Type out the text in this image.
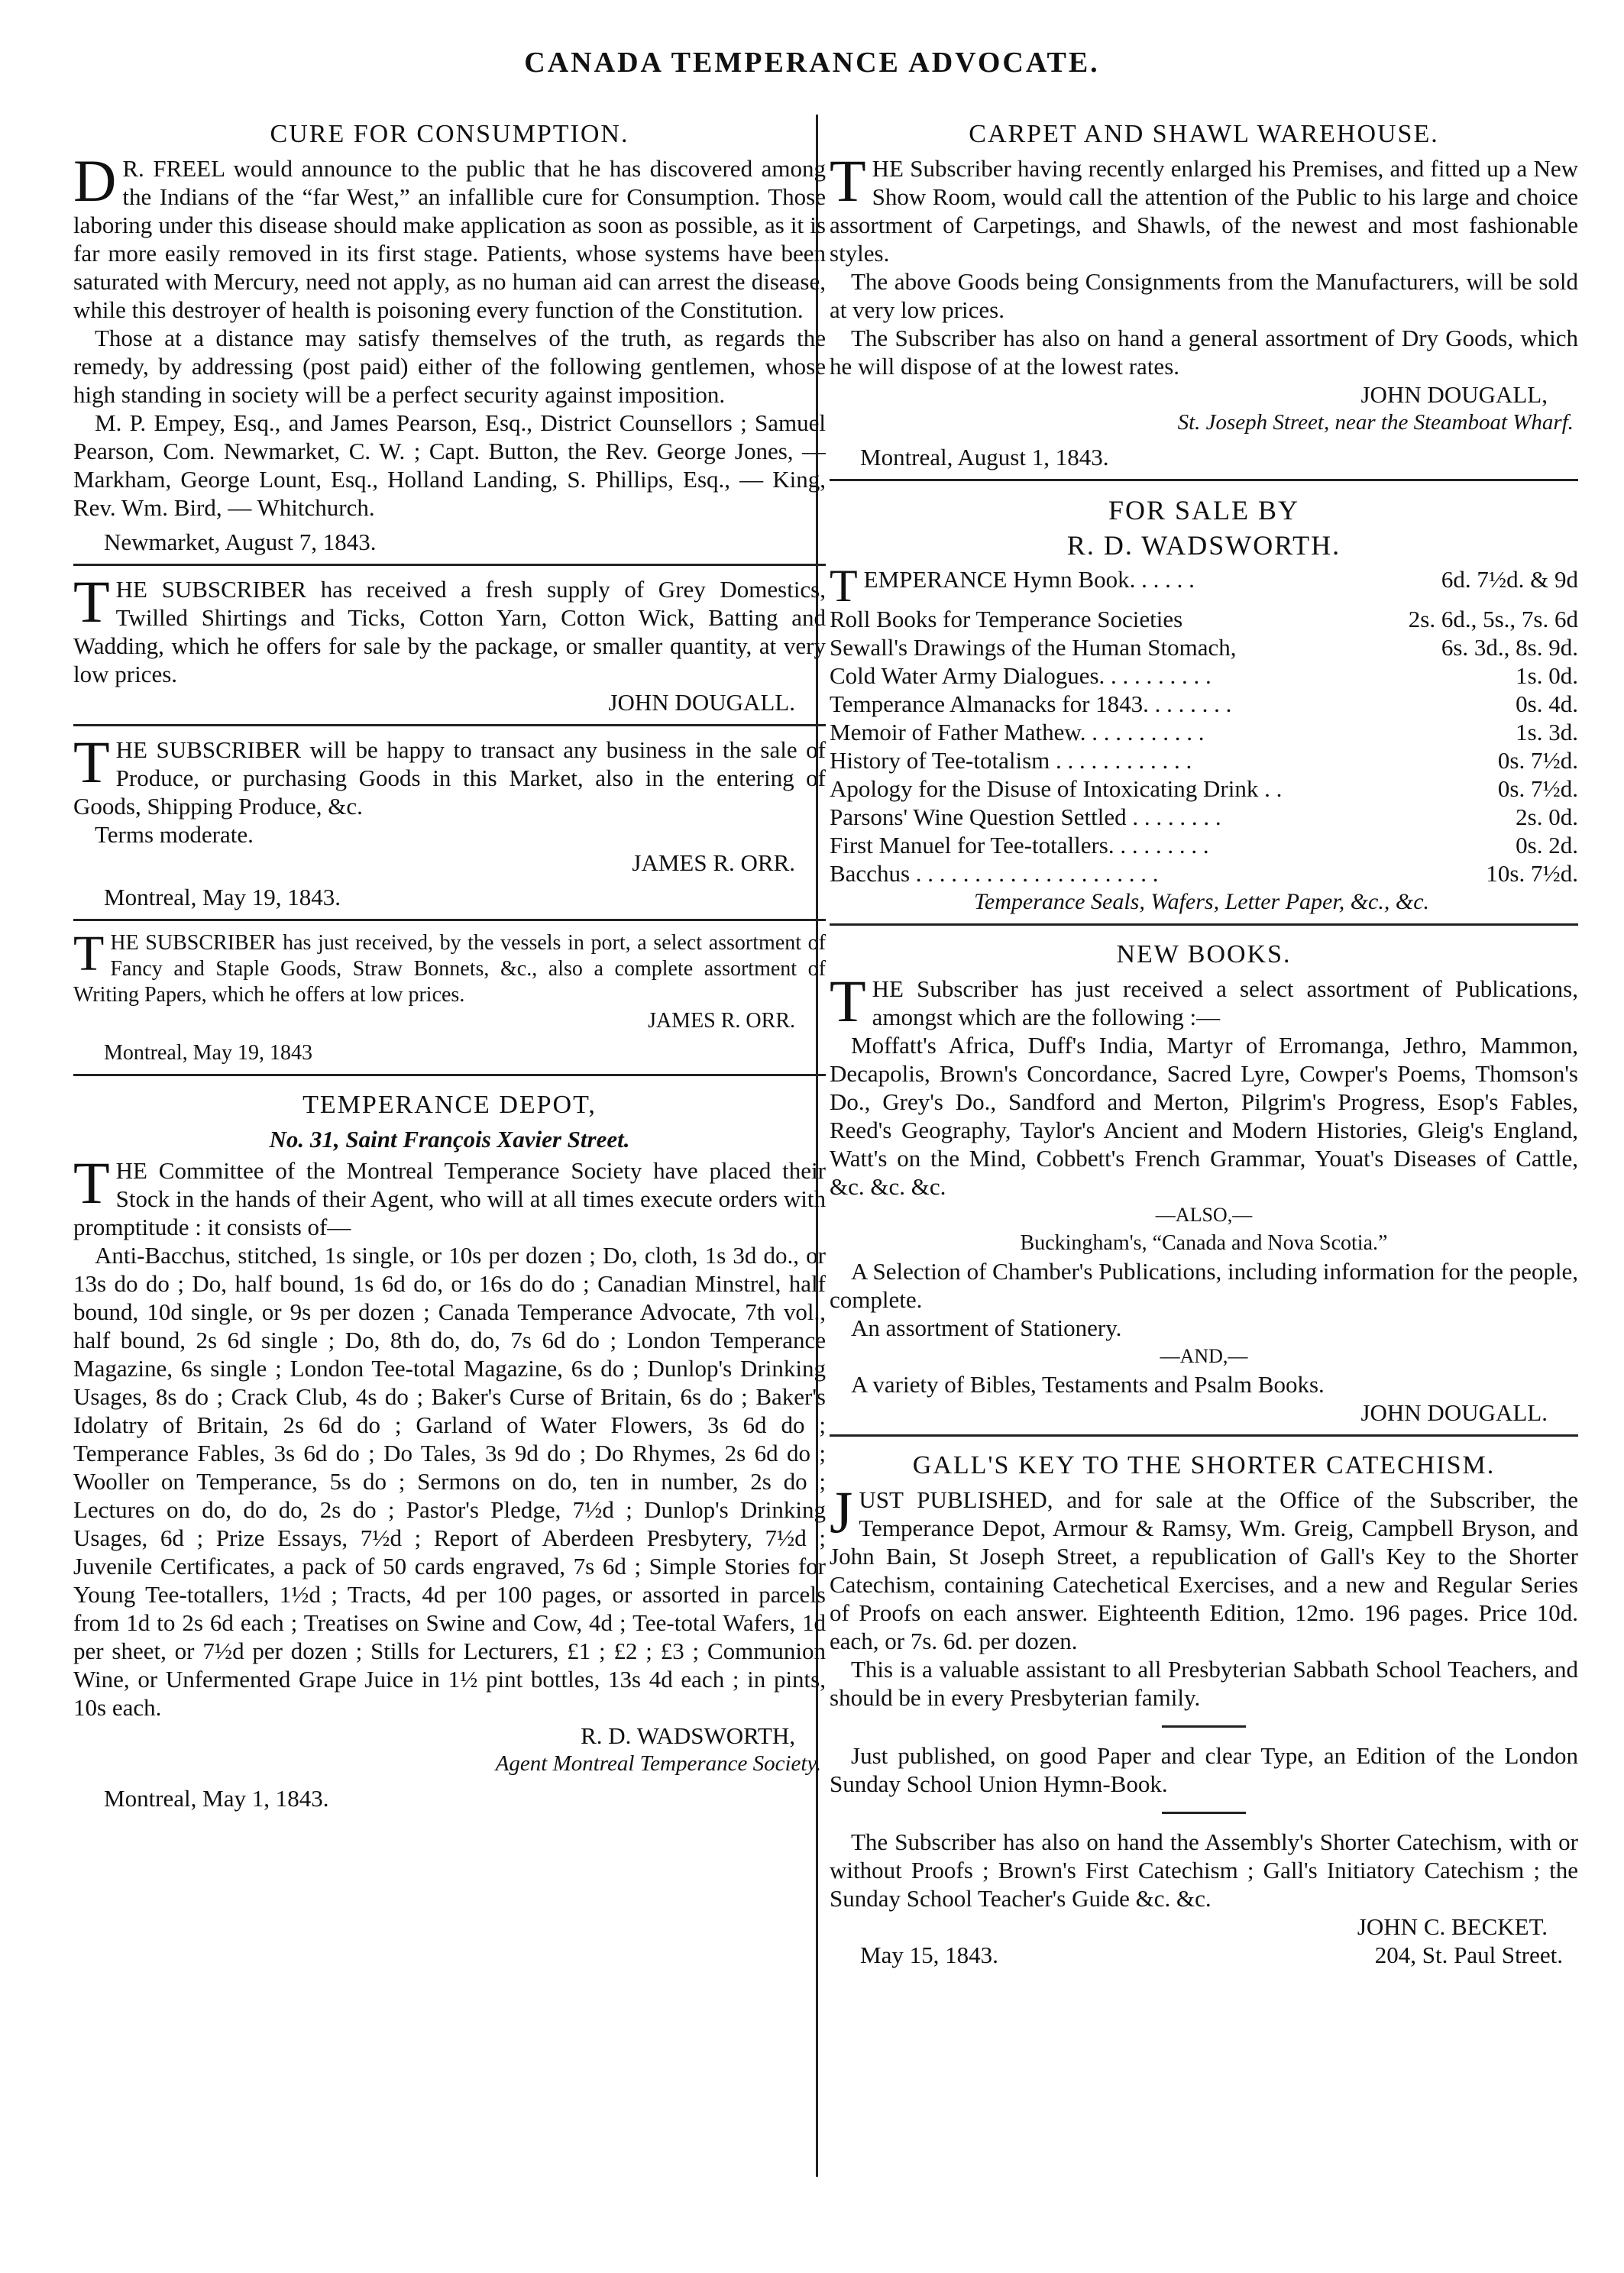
CANADA TEMPERANCE ADVOCATE.
CURE FOR CONSUMPTION.

D R. FREEL would announce to the public that he has discovered among the Indians of the “far West,” an infallible cure for Consumption. Those laboring under this disease should make application as soon as possible, as it is far more easily removed in its first stage. Patients, whose systems have been saturated with Mercury, need not apply, as no human aid can arrest the disease, while this destroyer of health is poisoning every function of the Constitution.

Those at a distance may satisfy themselves of the truth, as regards the remedy, by addressing (post paid) either of the following gentlemen, whose high standing in society will be a perfect security against imposition.

M. P. Empey, Esq., and James Pearson, Esq., District Counsellors ; Samuel Pearson, Com. Newmarket, C. W. ; Capt. Button, the Rev. George Jones, — Markham, George Lount, Esq., Holland Landing, S. Phillips, Esq., — King, Rev. Wm. Bird, — Whitchurch.

Newmarket, August 7, 1843.

THE SUBSCRIBER has received a fresh supply of Grey Domestics, Twilled Shirtings and Ticks, Cotton Yarn, Cotton Wick, Batting and Wadding, which he offers for sale by the package, or smaller quantity, at very low prices.

JOHN DOUGALL.

THE SUBSCRIBER will be happy to transact any business in the sale of Produce, or purchasing Goods in this Market, also in the entering of Goods, Shipping Produce, &c.

Terms moderate.

JAMES R. ORR.

Montreal, May 19, 1843.

THE SUBSCRIBER has just received, by the vessels in port, a select assortment of Fancy and Staple Goods, Straw Bonnets, &c., also a complete assortment of Writing Papers, which he offers at low prices.

JAMES R. ORR.

Montreal, May 19, 1843

TEMPERANCE DEPOT,
No. 31, Saint François Xavier Street.

THE Committee of the Montreal Temperance Society have placed their Stock in the hands of their Agent, who will at all times execute orders with promptitude : it consists of—

Anti-Bacchus, stitched, 1s single, or 10s per dozen ; Do, cloth, 1s 3d do., or 13s do do ; Do, half bound, 1s 6d do, or 16s do do ; Canadian Minstrel, half bound, 10d single, or 9s per dozen ; Canada Temperance Advocate, 7th vol., half bound, 2s 6d single ; Do, 8th do, do, 7s 6d do ; London Temperance Magazine, 6s single ; London Tee-total Magazine, 6s do ; Dunlop's Drinking Usages, 8s do ; Crack Club, 4s do ; Baker's Curse of Britain, 6s do ; Baker's Idolatry of Britain, 2s 6d do ; Garland of Water Flowers, 3s 6d do ; Temperance Fables, 3s 6d do ; Do Tales, 3s 9d do ; Do Rhymes, 2s 6d do ; Wooller on Temperance, 5s do ; Sermons on do, ten in number, 2s do ; Lectures on do, do do, 2s do ; Pastor's Pledge, 7½d ; Dunlop's Drinking Usages, 6d ; Prize Essays, 7½d ; Report of Aberdeen Presbytery, 7½d ; Juvenile Certificates, a pack of 50 cards engraved, 7s 6d ; Simple Stories for Young Tee-totallers, 1½d ; Tracts, 4d per 100 pages, or assorted in parcels from 1d to 2s 6d each ; Treatises on Swine and Cow, 4d ; Tee-total Wafers, 1d per sheet, or 7½d per dozen ; Stills for Lecturers, £1 ; £2 ; £3 ; Communion Wine, or Unfermented Grape Juice in 1½ pint bottles, 13s 4d each ; in pints, 10s each.

R. D. WADSWORTH,

Agent Montreal Temperance Society.

Montreal, May 1, 1843.

CARPET AND SHAWL WAREHOUSE.

THE Subscriber having recently enlarged his Premises, and fitted up a New Show Room, would call the attention of the Public to his large and choice assortment of Carpetings, and Shawls, of the newest and most fashionable styles.

The above Goods being Consignments from the Manufacturers, will be sold at very low prices.

The Subscriber has also on hand a general assortment of Dry Goods, which he will dispose of at the lowest rates.

JOHN DOUGALL,

St. Joseph Street, near the Steamboat Wharf.

Montreal, August 1, 1843.

FOR SALE BY
R. D. WADSWORTH.
TEMPERANCE Hymn Book. . . . . .	6d. 7½d. & 9d
Roll Books for Temperance Societies	2s. 6d., 5s., 7s. 6d
Sewall's Drawings of the Human Stomach,	6s. 3d., 8s. 9d.
Cold Water Army Dialogues. . . . . . . . . .	1s. 0d.
Temperance Almanacks for 1843. . . . . . . .	0s. 4d.
Memoir of Father Mathew. . . . . . . . . . .	1s. 3d.
History of Tee-totalism . . . . . . . . . . . .	0s. 7½d.
Apology for the Disuse of Intoxicating Drink . .	0s. 7½d.
Parsons' Wine Question Settled . . . . . . . .	2s. 0d.
First Manuel for Tee-totallers. . . . . . . . .	0s. 2d.
Bacchus . . . . . . . . . . . . . . . . . . . . .	10s. 7½d.

Temperance Seals, Wafers, Letter Paper, &c., &c.

NEW BOOKS.

THE Subscriber has just received a select assortment of Publications, amongst which are the following :—

Moffatt's Africa, Duff's India, Martyr of Erromanga, Jethro, Mammon, Decapolis, Brown's Concordance, Sacred Lyre, Cowper's Poems, Thomson's Do., Grey's Do., Sandford and Merton, Pilgrim's Progress, Esop's Fables, Reed's Geography, Taylor's Ancient and Modern Histories, Gleig's England, Watt's on the Mind, Cobbett's French Grammar, Youat's Diseases of Cattle, &c. &c. &c.

—ALSO,—

Buckingham's, “Canada and Nova Scotia.”

A Selection of Chamber's Publications, including information for the people, complete.

An assortment of Stationery.

—AND,—

A variety of Bibles, Testaments and Psalm Books.

JOHN DOUGALL.

GALL'S KEY TO THE SHORTER CATECHISM.

JUST PUBLISHED, and for sale at the Office of the Subscriber, the Temperance Depot, Armour & Ramsy, Wm. Greig, Campbell Bryson, and John Bain, St Joseph Street, a republication of Gall's Key to the Shorter Catechism, containing Catechetical Exercises, and a new and Regular Series of Proofs on each answer. Eighteenth Edition, 12mo. 196 pages. Price 10d. each, or 7s. 6d. per dozen.

This is a valuable assistant to all Presbyterian Sabbath School Teachers, and should be in every Presbyterian family.

Just published, on good Paper and clear Type, an Edition of the London Sunday School Union Hymn-Book.

The Subscriber has also on hand the Assembly's Shorter Catechism, with or without Proofs ; Brown's First Catechism ; Gall's Initiatory Catechism ; the Sunday School Teacher's Guide &c. &c.

JOHN C. BECKET.

May 15, 1843.	204, St. Paul Street.
